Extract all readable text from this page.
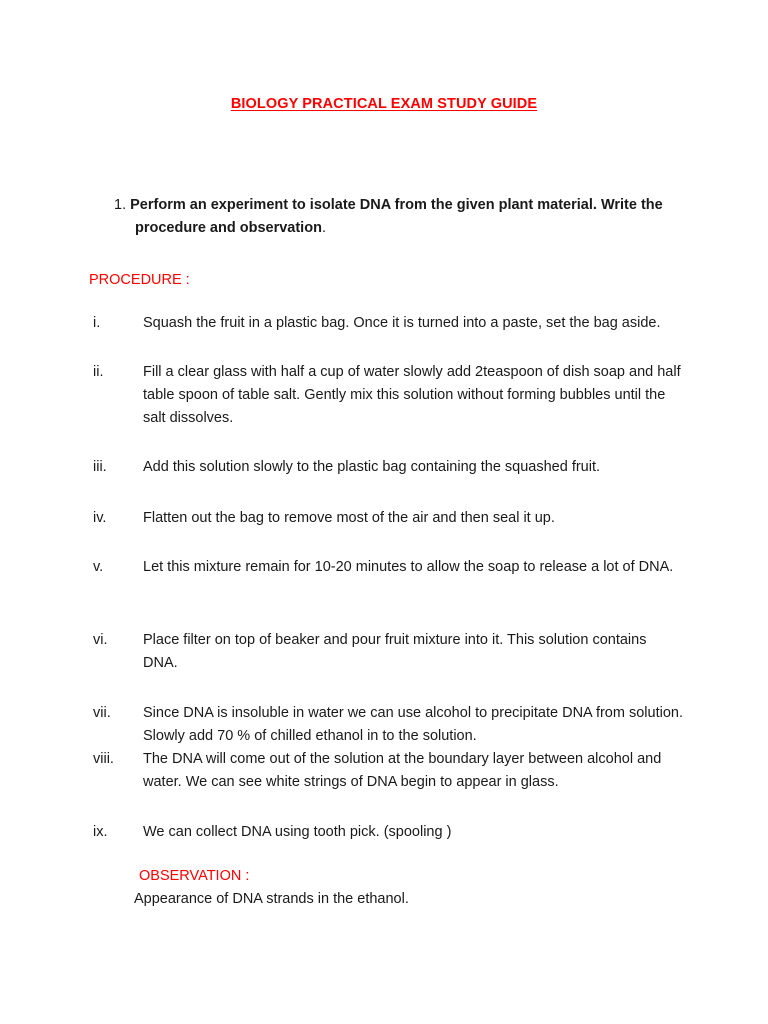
BIOLOGY PRACTICAL EXAM STUDY GUIDE
1. Perform an experiment to isolate DNA from the given plant material. Write the
procedure and observation.
PROCEDURE :
i.	Squash the fruit in a plastic bag. Once it is turned into a paste, set the bag aside.
ii.	Fill a clear glass with half a cup of water slowly add 2teaspoon of dish soap and half table spoon of table salt. Gently mix this solution without forming bubbles until the salt dissolves.
iii.	Add this solution slowly to the plastic bag containing the squashed fruit.
iv.	Flatten out the bag to remove most of the air and then seal it up.
v.	Let this mixture remain for 10-20 minutes to allow the soap to release a lot of DNA.
vi. Place filter on top of beaker and pour fruit mixture into it. This solution contains DNA.
vii. Since DNA is insoluble in water we can use alcohol to precipitate DNA from solution. Slowly add 70 % of chilled ethanol in to the solution.
viii. The DNA will come out of the solution at the boundary layer between alcohol and water. We can see white strings of DNA begin to appear in glass.
ix. We can collect DNA using tooth pick. (spooling )
OBSERVATION :
Appearance of DNA strands in the ethanol.
